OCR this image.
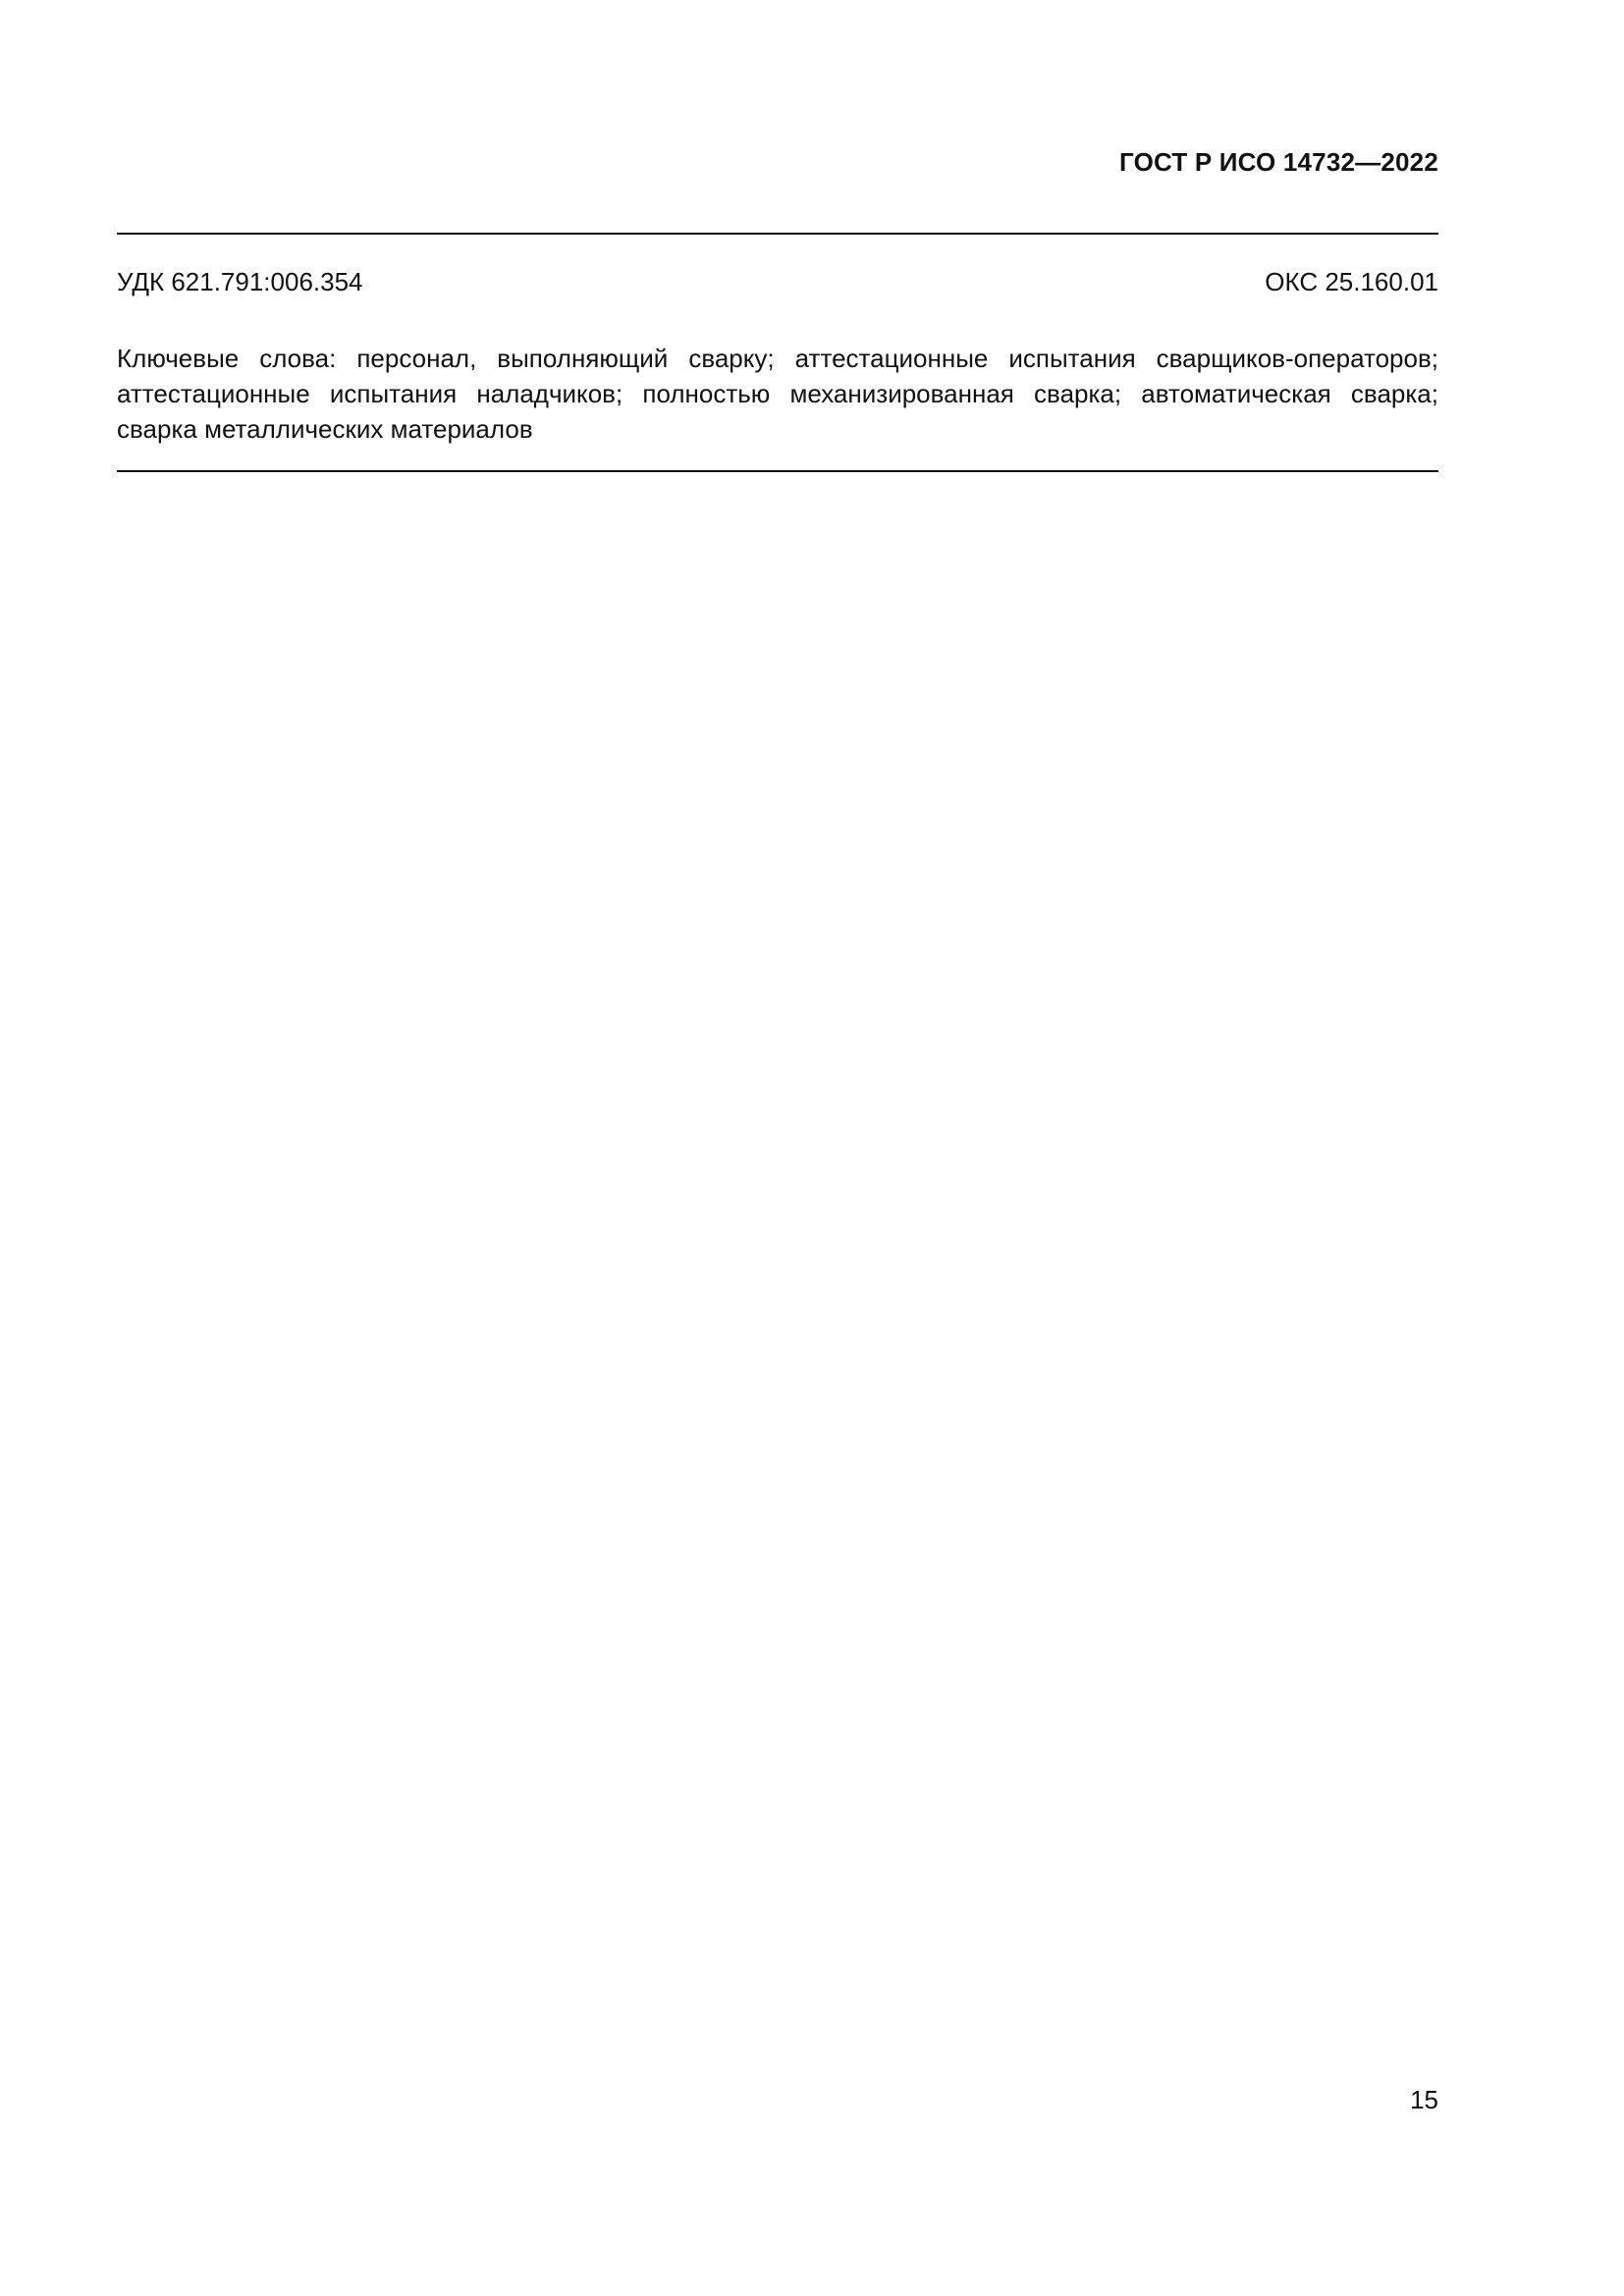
ГОСТ Р ИСО 14732—2022
УДК 621.791:006.354	ОКС 25.160.01
Ключевые слова: персонал, выполняющий сварку; аттестационные испытания сварщиков-операторов;
аттестационные испытания наладчиков; полностью механизированная сварка; автоматическая сварка;
сварка металлических материалов
15
